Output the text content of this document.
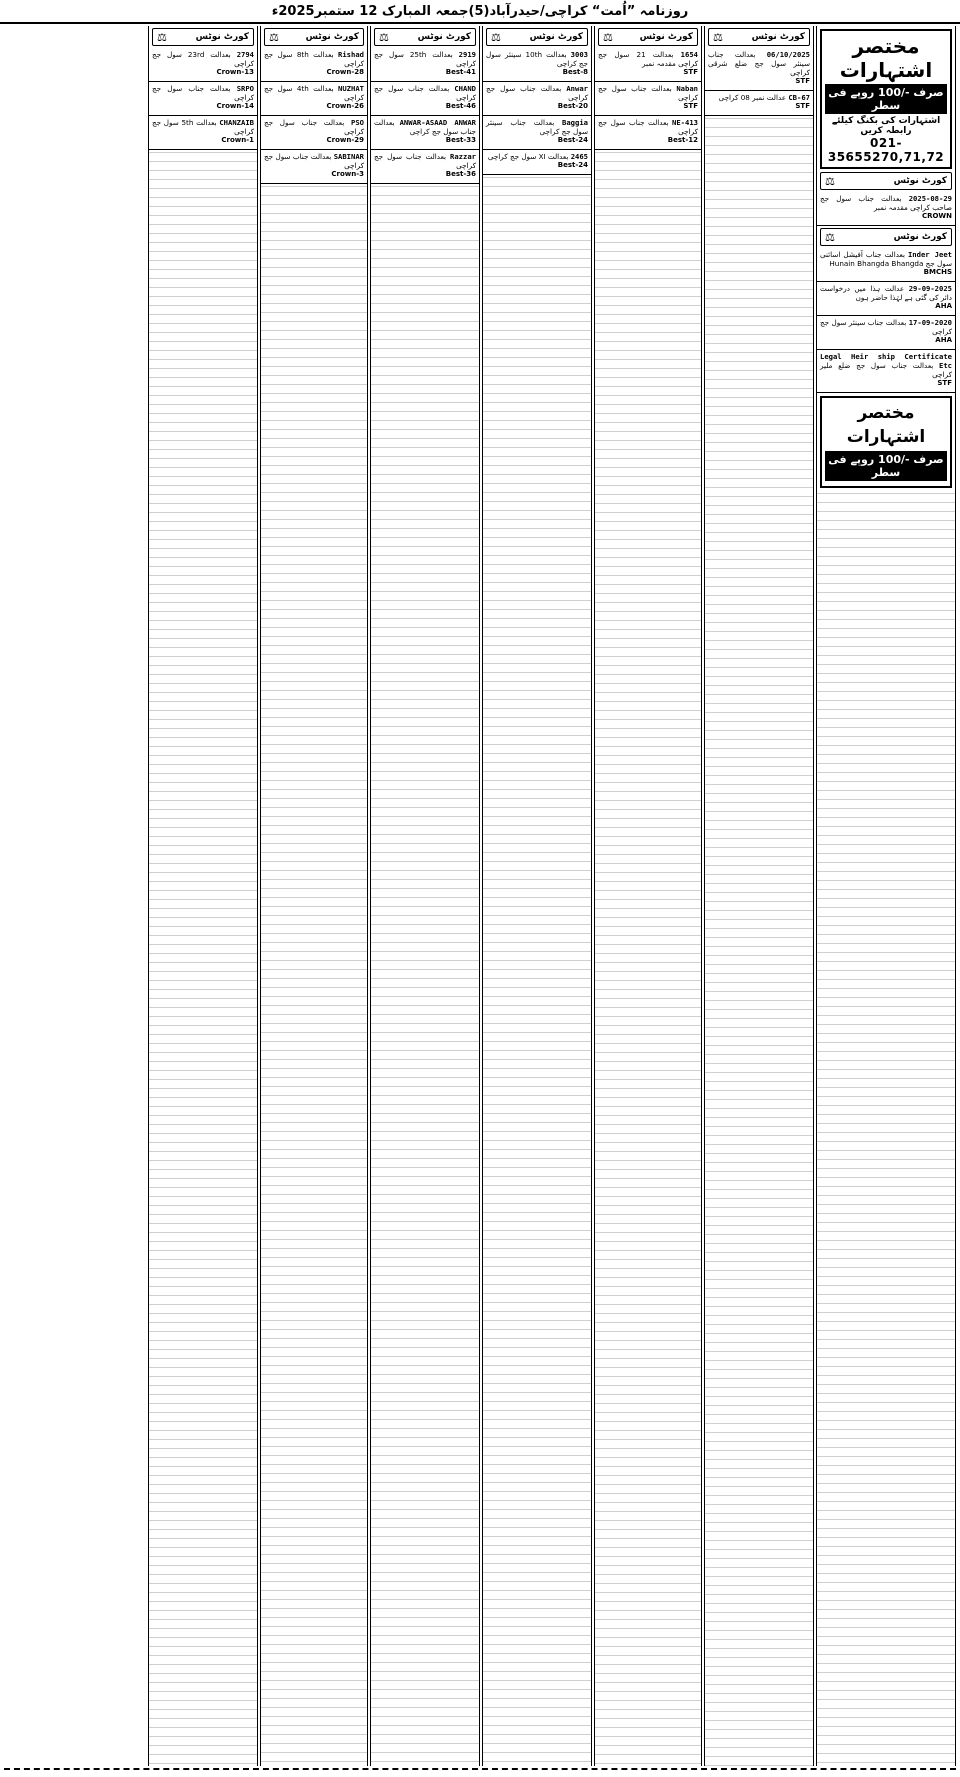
روزنامہ ”اُمت“ کراچی/حیدرآباد(5)جمعہ المبارک 12 ستمبر2025ء
مختصر اشتہارات
صرف -/100 روپے فی سطر
اشتہارات کی بکنگ کیلئے رابطہ کریں
021-35655270,71,72
کورٹ نوٹس
⚖
2025-08-29 بعدالت جناب سول جج صاحب کراچی مقدمہ نمبر
CROWN
کورٹ نوٹس
⚖
Inder Jeet بعدالت جناب آفیشل اسائنی سول جج Hunain Bhangda Bhangda
BMCHS
29-09-2025 عدالت ہذا میں درخواست دائر کی گئی ہے لہٰذا حاضر ہوں
AHA
17-09-2020 بعدالت جناب سینئر سول جج کراچی
AHA
Legal Heir ship Certificate Etc بعدالت جناب سول جج ضلع ملیر کراچی
STF
مختصر اشتہارات
صرف -/100 روپے فی سطر
کورٹ نوٹس
⚖
06/10/2025 بعدالت جناب سینئر سول جج ضلع شرقی کراچی
STF
CB-67 عدالت نمبر 08 کراچی
STF
کورٹ نوٹس
⚖
1654 بعدالت 21 سول جج کراچی مقدمہ نمبر
STF
Naban بعدالت جناب سول جج کراچی
STF
NE-413 بعدالت جناب سول جج کراچی
Best-12
کورٹ نوٹس
⚖
3003 بعدالت 10th سینئر سول جج کراچی
Best-8
Anwar بعدالت جناب سول جج کراچی
Best-20
Baggia بعدالت جناب سینئر سول جج کراچی
Best-24
2465 بعدالت XI سول جج کراچی
Best-24
کورٹ نوٹس
⚖
2919 بعدالت 25th سول جج کراچی
Best-41
CHAND بعدالت جناب سول جج کراچی
Best-46
ANWAR-ASAAD ANWAR بعدالت جناب سول جج کراچی
Best-33
Razzar بعدالت جناب سول جج کراچی
Best-36
کورٹ نوٹس
⚖
Rishad بعدالت 8th سول جج کراچی
Crown-28
NUZHAT بعدالت 4th سول جج کراچی
Crown-26
PSO بعدالت جناب سول جج کراچی
Crown-29
SABINAR بعدالت جناب سول جج کراچی
Crown-3
کورٹ نوٹس
⚖
2794 بعدالت 23rd سول جج کراچی
Crown-13
SRPO بعدالت جناب سول جج کراچی
Crown-14
CHANZAIB بعدالت 5th سول جج کراچی
Crown-1
